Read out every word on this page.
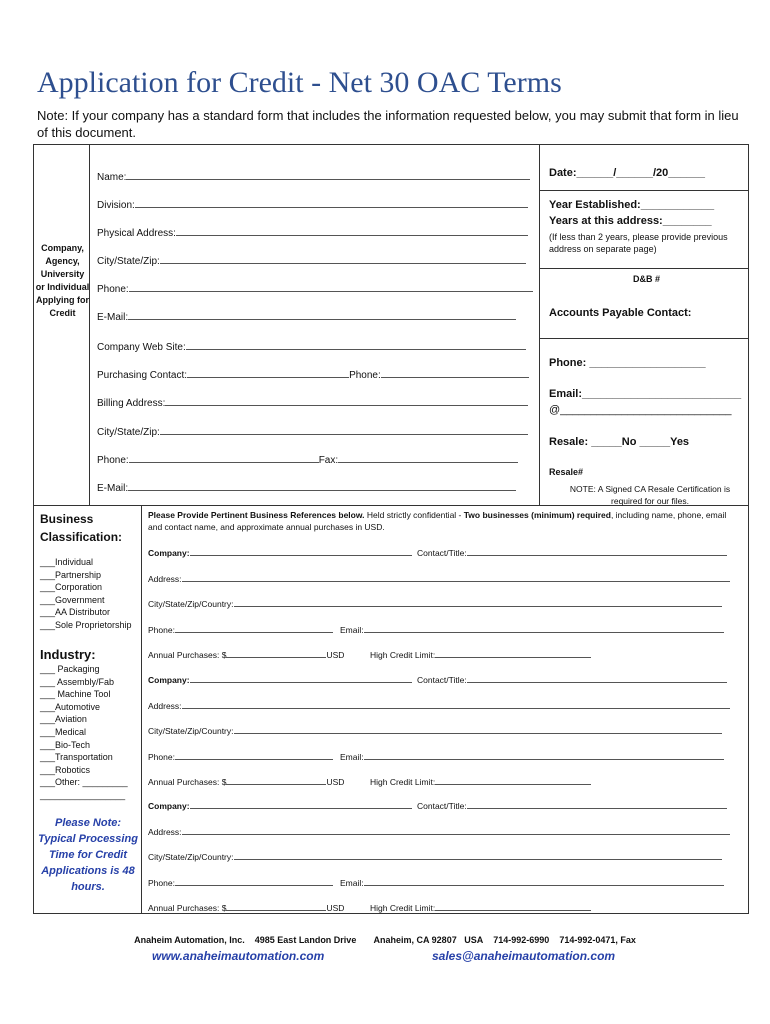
Application for Credit - Net 30 OAC Terms
Note: If your company has a standard form that includes the information requested below, you may submit that form in lieu of this document.
Company, Agency, University or Individual Applying for Credit
Name:
Division:
Physical Address:
City/State/Zip:
Phone:
E-Mail:
Company Web Site:
Purchasing Contact:	Phone:
Billing Address:
City/State/Zip:
Phone:	Fax:
E-Mail:
Date:______/______/20______
Year Established:____________
Years at this address:________
(If less than 2 years, please provide previous address on separate page)
D&B #
Accounts Payable Contact:
Phone: ___________________
Email:__________________________
@____________________________
Resale: _____No _____Yes
Resale#
NOTE: A Signed CA Resale Certification is required for our files.
Business Classification:
___Individual
___Partnership
___Corporation
___Government
___AA Distributor
___Sole Proprietorship
Industry:
___ Packaging
___ Assembly/Fab
___ Machine Tool
___Automotive
___Aviation
___Medical
___Bio-Tech
___Transportation
___Robotics
___Other: _________
_________________
Please Note: Typical Processing Time for Credit Applications is 48 hours.
Please Provide Pertinent Business References below. Held strictly confidential - Two businesses (minimum) required, including name, phone, email and contact name, and approximate annual purchases in USD.
Company:	Contact/Title:
Address:
City/State/Zip/Country:
Phone:	Email:
Annual Purchases: $	USD	High Credit Limit:
Company:	Contact/Title:
Address:
City/State/Zip/Country:
Phone:	Email:
Annual Purchases: $	USD	High Credit Limit:
Company:	Contact/Title:
Address:
City/State/Zip/Country:
Phone:	Email:
Annual Purchases: $	USD	High Credit Limit:
Anaheim Automation, Inc. 4985 East Landon Drive Anaheim, CA 92807 USA 714-992-6990 714-992-0471, Fax
www.anaheimautomation.com	sales@anaheimautomation.com
